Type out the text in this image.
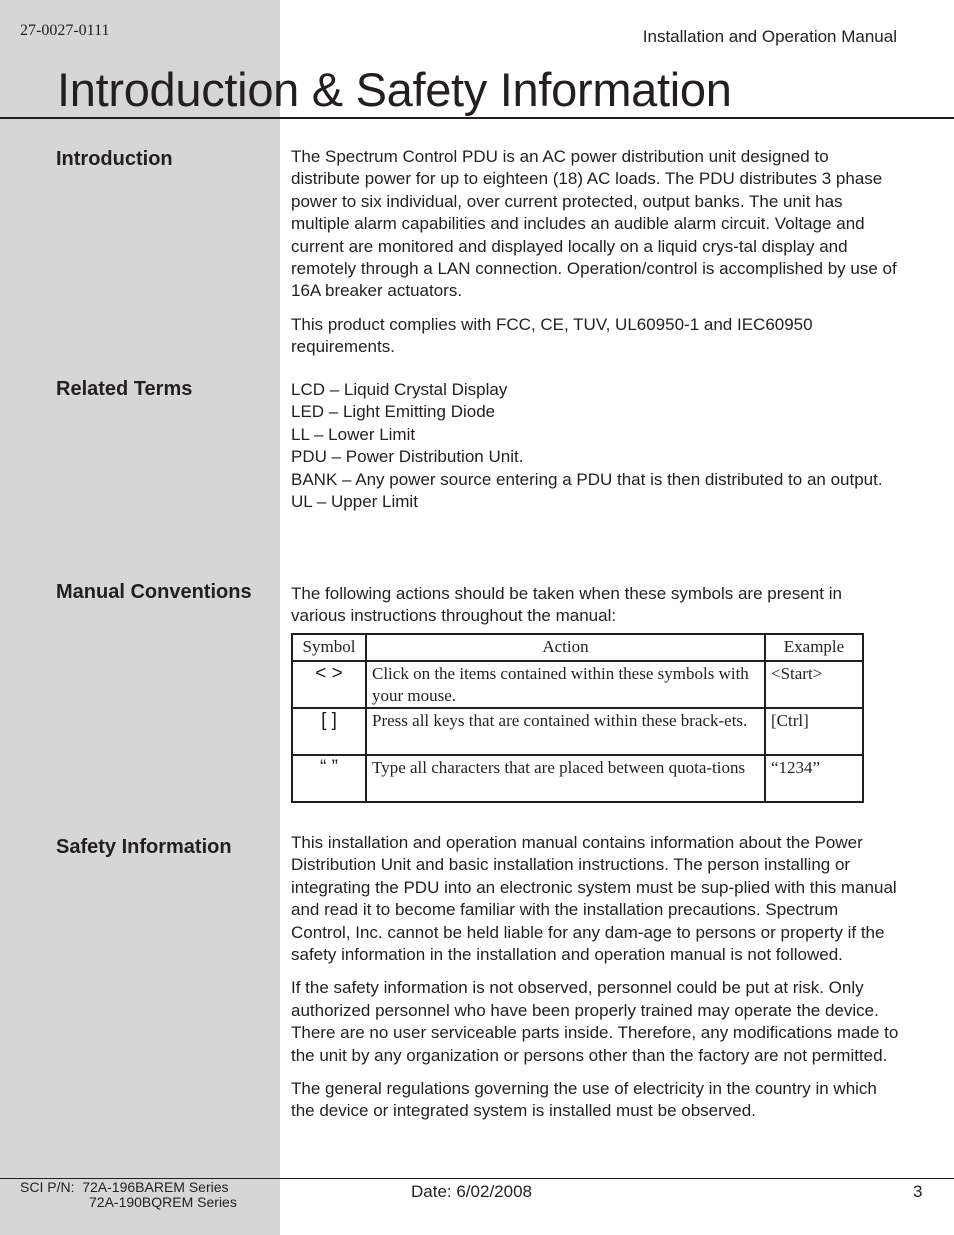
27-0027-0111	Installation and Operation Manual
Introduction & Safety Information
Introduction	The Spectrum Control PDU is an AC power distribution unit designed to distribute power for up to eighteen (18) AC loads. The PDU distributes 3 phase power to six individual, over current protected, output banks. The unit has multiple alarm capabilities and includes an audible alarm circuit. Voltage and current are monitored and displayed locally on a liquid crys-tal display and remotely through a LAN connection. Operation/control is accomplished by use of 16A breaker actuators.

This product complies with FCC, CE, TUV, UL60950-1 and IEC60950 requirements.

Related Terms	LCD – Liquid Crystal Display
LED – Light Emitting Diode
LL – Lower Limit
PDU – Power Distribution Unit.
BANK – Any power source entering a PDU that is then distributed to an output.
UL – Upper Limit
Manual Conventions The following actions should be taken when these symbols are present in various instructions throughout the manual:
Symbol	Action	Example
< >	Click on the items contained within these symbols with your mouse.	<Start>
[ ]	Press all keys that are contained within these brack-ets.	[Ctrl]
“ ”	Type all characters that are placed between quota-tions	“1234”
Safety Information	This installation and operation manual contains information about the Power Distribution Unit and basic installation instructions. The person installing or integrating the PDU into an electronic system must be sup-plied with this manual and read it to become familiar with the installation precautions. Spectrum Control, Inc. cannot be held liable for any dam-age to persons or property if the safety information in the installation and operation manual is not followed.

If the safety information is not observed, personnel could be put at risk. Only authorized personnel who have been properly trained may operate the device. There are no user serviceable parts inside. Therefore, any modifications made to the unit by any organization or persons other than the factory are not permitted.

The general regulations governing the use of electricity in the country in which the device or integrated system is installed must be observed.

SCI P/N:  72A-196BAREM Series
72A-190BQREM Series
Date: 6/02/2008	3
